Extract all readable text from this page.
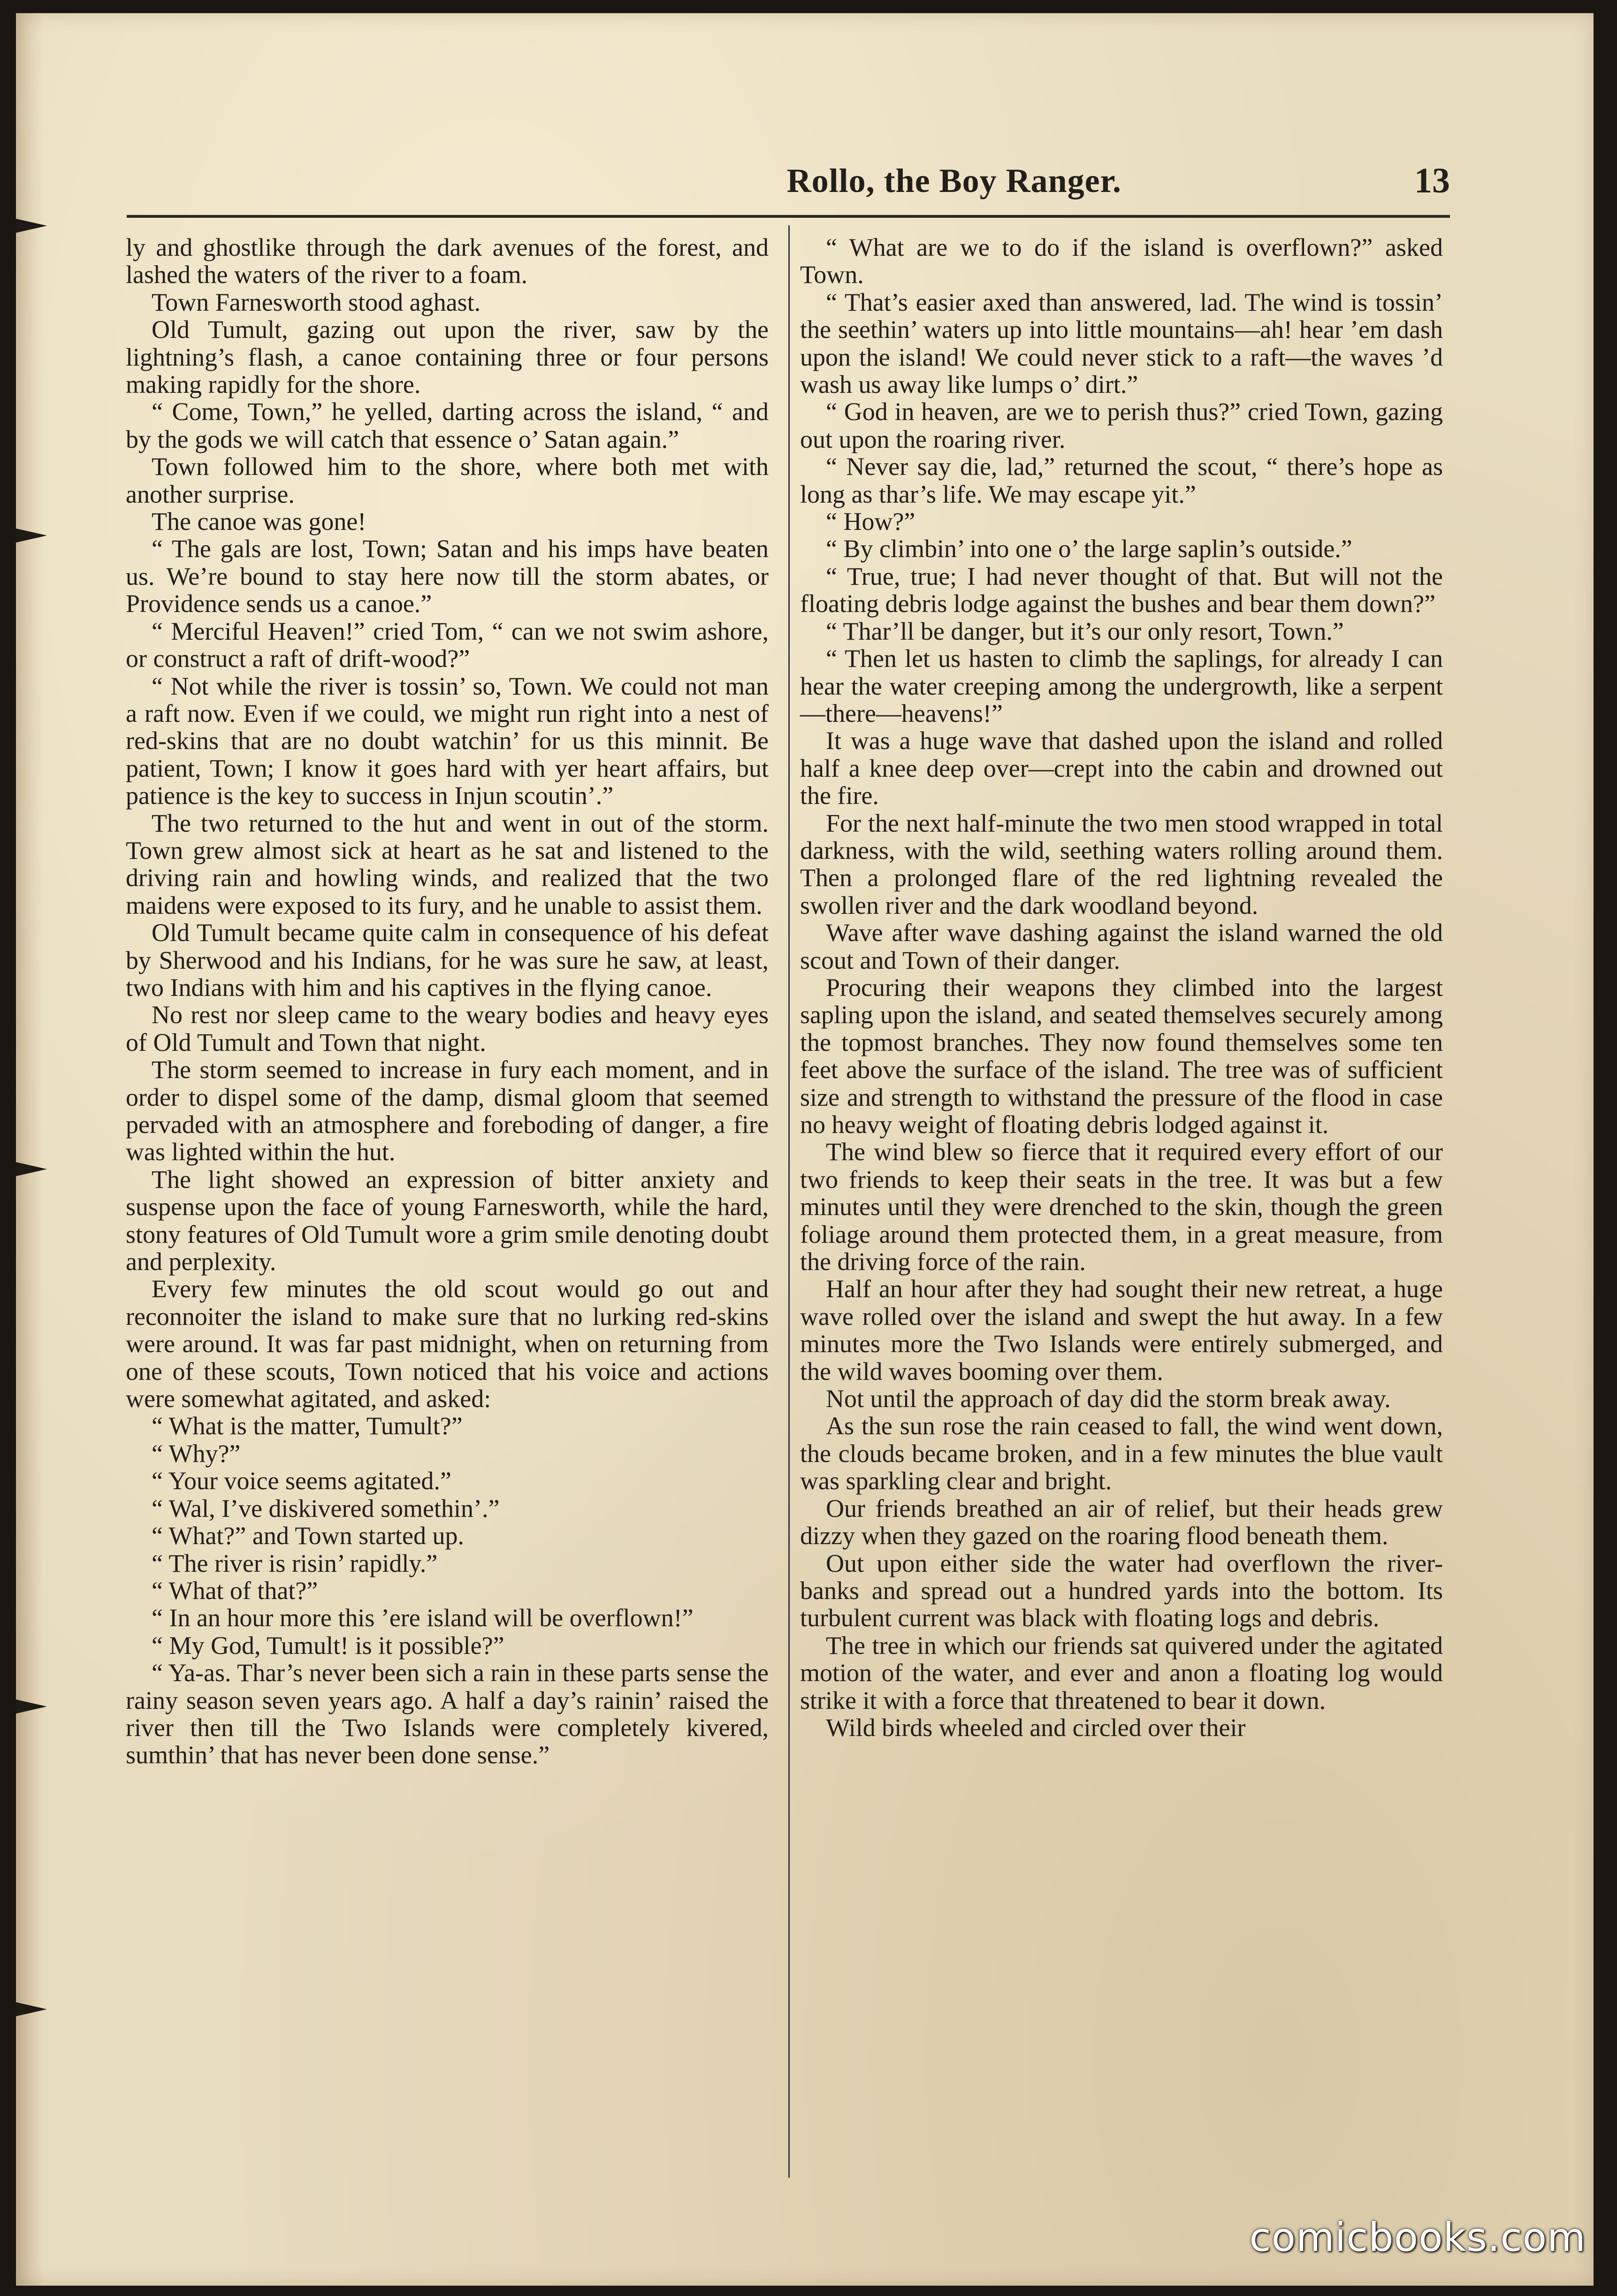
Rollo, the Boy Ranger.	13

ly and ghostlike through the dark avenues of the forest, and lashed the waters of the river to a foam.

Town Farnesworth stood aghast.

Old Tumult, gazing out upon the river, saw by the lightning’s flash, a canoe containing three or four persons making rapidly for the shore.

“ Come, Town,” he yelled, darting across the island, “ and by the gods we will catch that essence o’ Satan again.”

Town followed him to the shore, where both met with another surprise.

The canoe was gone!

“ The gals are lost, Town; Satan and his imps have beaten us. We’re bound to stay here now till the storm abates, or Providence sends us a canoe.”

“ Merciful Heaven!” cried Tom, “ can we not swim ashore, or construct a raft of drift-wood?”

“ Not while the river is tossin’ so, Town. We could not man a raft now. Even if we could, we might run right into a nest of red-skins that are no doubt watchin’ for us this minnit. Be patient, Town; I know it goes hard with yer heart affairs, but patience is the key to success in Injun scoutin’.”

The two returned to the hut and went in out of the storm. Town grew almost sick at heart as he sat and listened to the driving rain and howling winds, and realized that the two maidens were exposed to its fury, and he unable to assist them.

Old Tumult became quite calm in consequence of his defeat by Sherwood and his Indians, for he was sure he saw, at least, two Indians with him and his captives in the flying canoe.

No rest nor sleep came to the weary bodies and heavy eyes of Old Tumult and Town that night.

The storm seemed to increase in fury each moment, and in order to dispel some of the damp, dismal gloom that seemed pervaded with an atmosphere and foreboding of danger, a fire was lighted within the hut.

The light showed an expression of bitter anxiety and suspense upon the face of young Farnesworth, while the hard, stony features of Old Tumult wore a grim smile denoting doubt and perplexity.

Every few minutes the old scout would go out and reconnoiter the island to make sure that no lurking red-skins were around. It was far past midnight, when on returning from one of these scouts, Town noticed that his voice and actions were somewhat agitated, and asked:

“ What is the matter, Tumult?”

“ Why?”

“ Your voice seems agitated.”

“ Wal, I’ve diskivered somethin’.”

“ What?” and Town started up.

“ The river is risin’ rapidly.”

“ What of that?”

“ In an hour more this ’ere island will be overflown!”

“ My God, Tumult! is it possible?”

“ Ya-as. Thar’s never been sich a rain in these parts sense the rainy season seven years ago. A half a day’s rainin’ raised the river then till the Two Islands were completely kivered, sumthin’ that has never been done sense.”

“ What are we to do if the island is overflown?” asked Town.

“ That’s easier axed than answered, lad. The wind is tossin’ the seethin’ waters up into little mountains—ah! hear ’em dash upon the island! We could never stick to a raft—the waves ’d wash us away like lumps o’ dirt.”

“ God in heaven, are we to perish thus?” cried Town, gazing out upon the roaring river.

“ Never say die, lad,” returned the scout, “ there’s hope as long as thar’s life. We may escape yit.”

“ How?”

“ By climbin’ into one o’ the large saplin’s outside.”

“ True, true; I had never thought of that. But will not the floating debris lodge against the bushes and bear them down?”

“ Thar’ll be danger, but it’s our only resort, Town.”

“ Then let us hasten to climb the saplings, for already I can hear the water creeping among the undergrowth, like a serpent—there—heavens!”

It was a huge wave that dashed upon the island and rolled half a knee deep over—crept into the cabin and drowned out the fire.

For the next half-minute the two men stood wrapped in total darkness, with the wild, seething waters rolling around them. Then a prolonged flare of the red lightning revealed the swollen river and the dark woodland beyond.

Wave after wave dashing against the island warned the old scout and Town of their danger.

Procuring their weapons they climbed into the largest sapling upon the island, and seated themselves securely among the topmost branches. They now found themselves some ten feet above the surface of the island. The tree was of sufficient size and strength to withstand the pressure of the flood in case no heavy weight of floating debris lodged against it.

The wind blew so fierce that it required every effort of our two friends to keep their seats in the tree. It was but a few minutes until they were drenched to the skin, though the green foliage around them protected them, in a great measure, from the driving force of the rain.

Half an hour after they had sought their new retreat, a huge wave rolled over the island and swept the hut away. In a few minutes more the Two Islands were entirely submerged, and the wild waves booming over them.

Not until the approach of day did the storm break away.

As the sun rose the rain ceased to fall, the wind went down, the clouds became broken, and in a few minutes the blue vault was sparkling clear and bright.

Our friends breathed an air of relief, but their heads grew dizzy when they gazed on the roaring flood beneath them.

Out upon either side the water had overflown the river-banks and spread out a hundred yards into the bottom. Its turbulent current was black with floating logs and debris.

The tree in which our friends sat quivered under the agitated motion of the water, and ever and anon a floating log would strike it with a force that threatened to bear it down.

Wild birds wheeled and circled over their

comicbooks.com
